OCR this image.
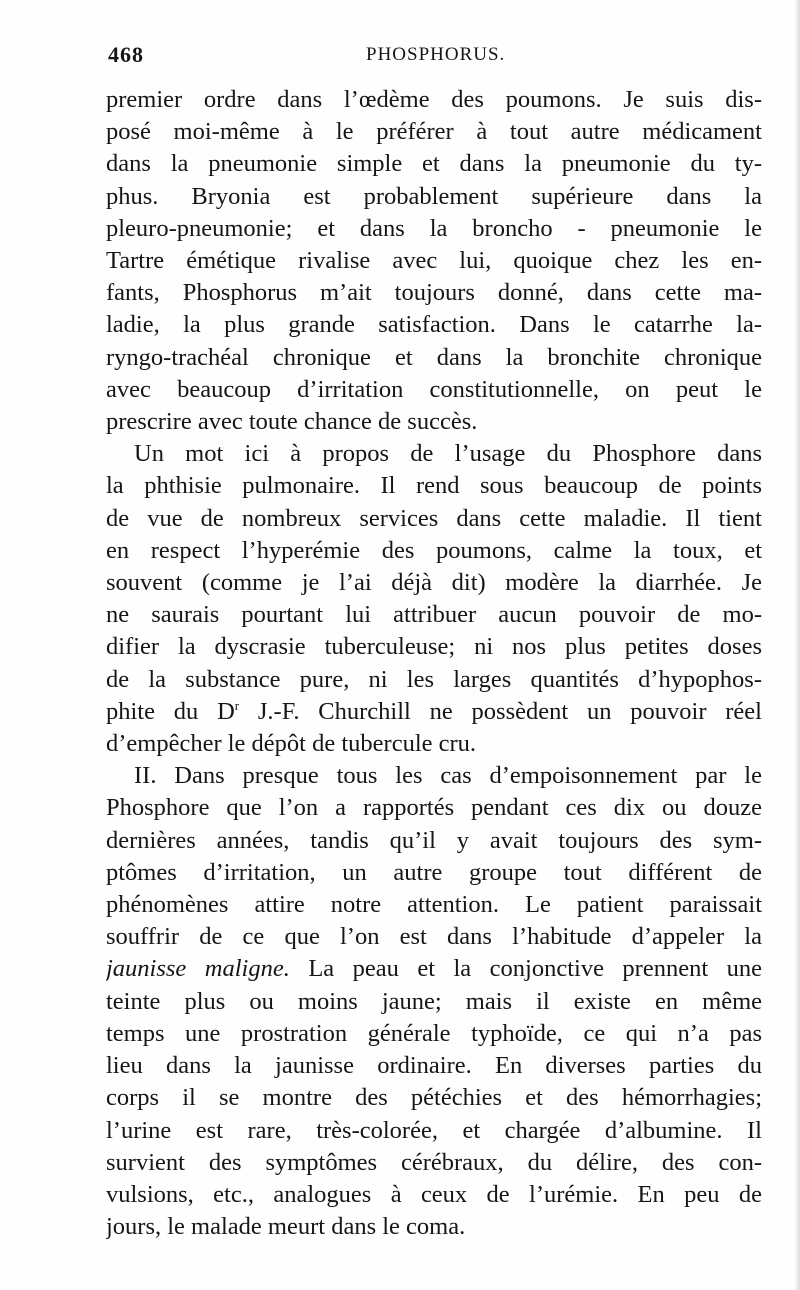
468	PHOSPHORUS.
premier ordre dans l’œdème des poumons. Je suis dis-
posé moi-même à le préférer à tout autre médicament
dans la pneumonie simple et dans la pneumonie du ty-
phus. Bryonia est probablement supérieure dans la
pleuro-pneumonie; et dans la broncho - pneumonie le
Tartre émétique rivalise avec lui, quoique chez les en-
fants, Phosphorus m’ait toujours donné, dans cette ma-
ladie, la plus grande satisfaction. Dans le catarrhe la-
ryngo-trachéal chronique et dans la bronchite chronique
avec beaucoup d’irritation constitutionnelle, on peut le
prescrire avec toute chance de succès.
Un mot ici à propos de l’usage du Phosphore dans
la phthisie pulmonaire. Il rend sous beaucoup de points
de vue de nombreux services dans cette maladie. Il tient
en respect l’hyperémie des poumons, calme la toux, et
souvent (comme je l’ai déjà dit) modère la diarrhée. Je
ne saurais pourtant lui attribuer aucun pouvoir de mo-
difier la dyscrasie tuberculeuse; ni nos plus petites doses
de la substance pure, ni les larges quantités d’hypophos-
phite du $D^r$ J.-F. Churchill ne possèdent un pouvoir réel
d’empêcher le dépôt de tubercule cru.
II. Dans presque tous les cas d’empoisonnement par le
Phosphore que l’on a rapportés pendant ces dix ou douze
dernières années, tandis qu’il y avait toujours des sym-
ptômes d’irritation, un autre groupe tout différent de
phénomènes attire notre attention. Le patient paraissait
souffrir de ce que l’on est dans l’habitude d’appeler la
jaunisse maligne. La peau et la conjonctive prennent une
teinte plus ou moins jaune; mais il existe en même
temps une prostration générale typhoïde, ce qui n’a pas
lieu dans la jaunisse ordinaire. En diverses parties du
corps il se montre des pétéchies et des hémorrhagies;
l’urine est rare, très-colorée, et chargée d’albumine. Il
survient des symptômes cérébraux, du délire, des con-
vulsions, etc., analogues à ceux de l’urémie. En peu de
jours, le malade meurt dans le coma.
